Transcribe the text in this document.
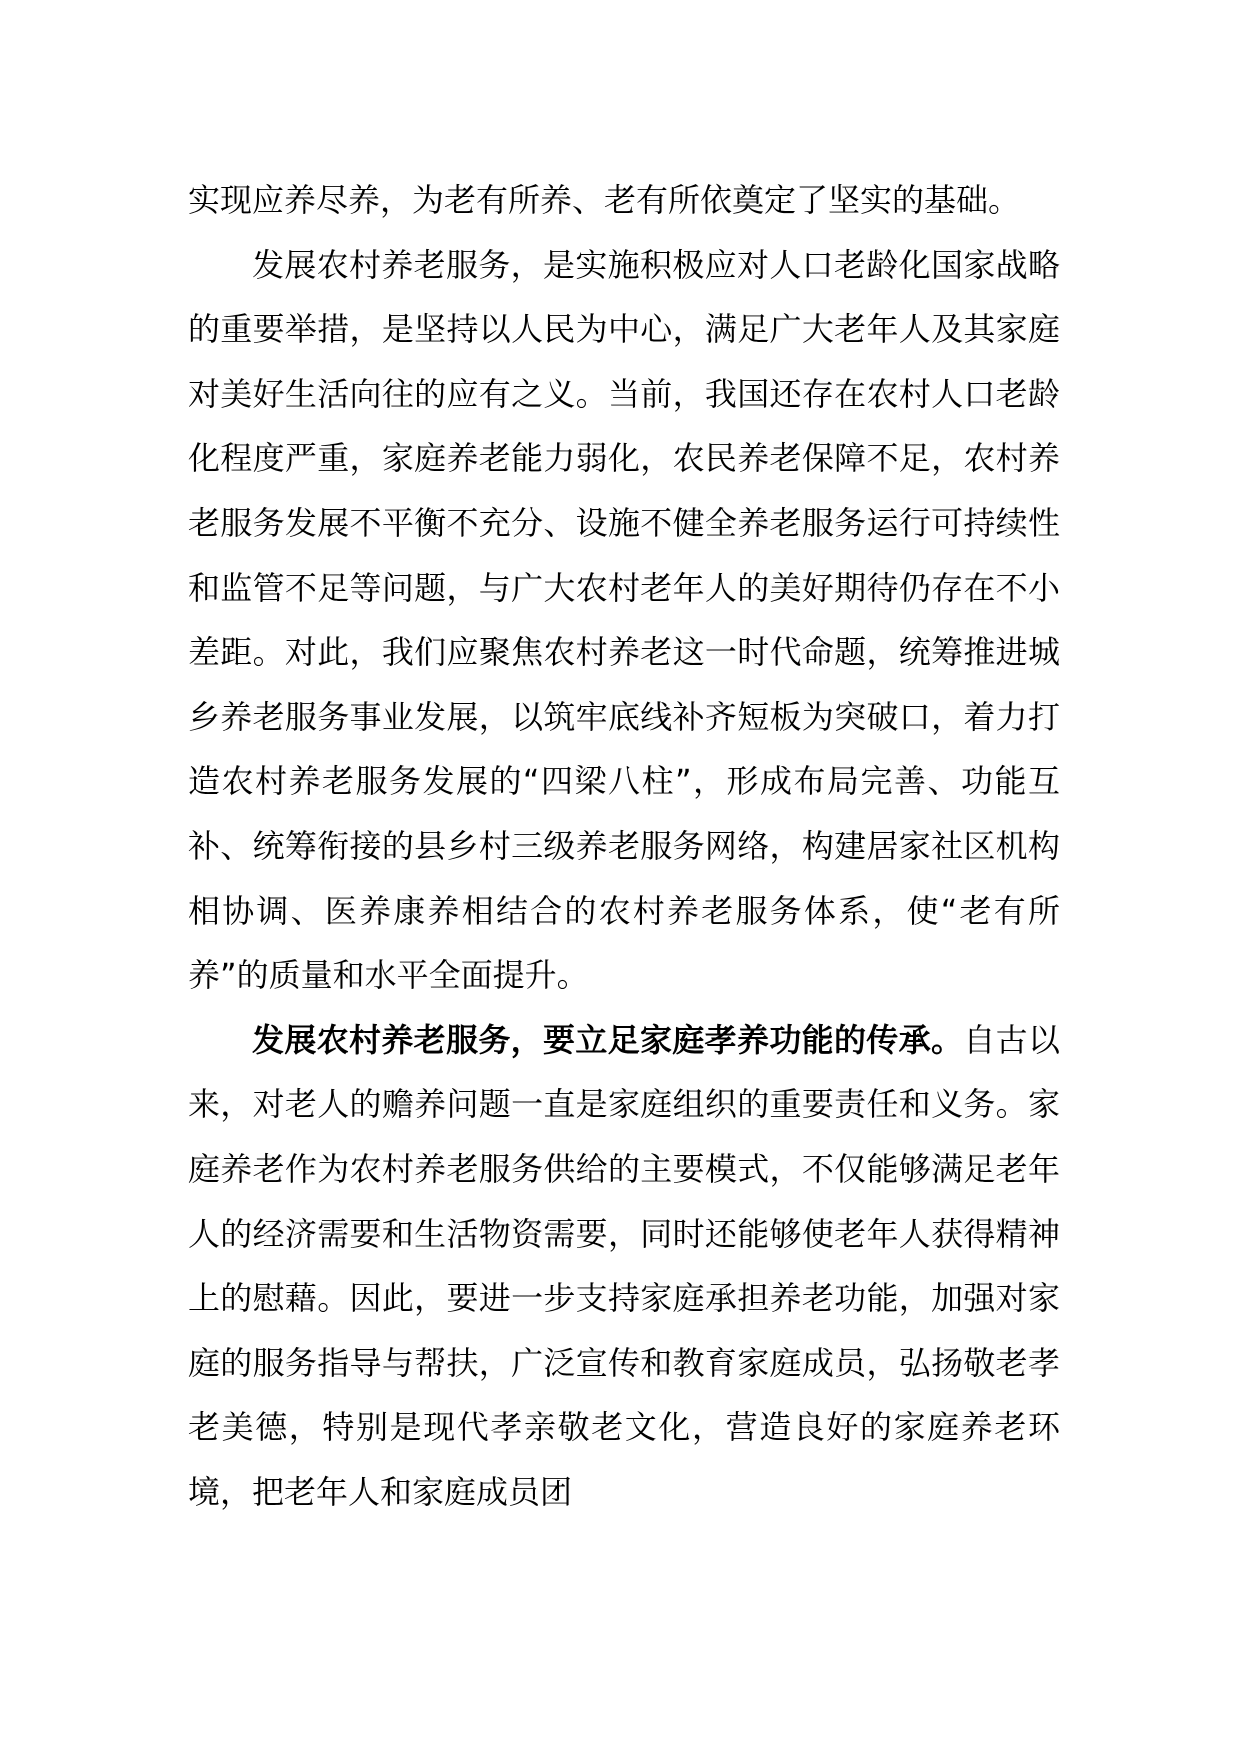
实现应养尽养，为老有所养、老有所依奠定了坚实的基础。

发展农村养老服务，是实施积极应对人口老龄化国家战略的重要举措，是坚持以人民为中心，满足广大老年人及其家庭对美好生活向往的应有之义。当前，我国还存在农村人口老龄化程度严重，家庭养老能力弱化，农民养老保障不足，农村养老服务发展不平衡不充分、设施不健全养老服务运行可持续性和监管不足等问题，与广大农村老年人的美好期待仍存在不小差距。对此，我们应聚焦农村养老这一时代命题，统筹推进城乡养老服务事业发展，以筑牢底线补齐短板为突破口，着力打造农村养老服务发展的“四梁八柱”，形成布局完善、功能互补、统筹衔接的县乡村三级养老服务网络，构建居家社区机构相协调、医养康养相结合的农村养老服务体系，使“老有所养”的质量和水平全面提升。

发展农村养老服务，要立足家庭孝养功能的传承。自古以来，对老人的赡养问题一直是家庭组织的重要责任和义务。家庭养老作为农村养老服务供给的主要模式，不仅能够满足老年人的经济需要和生活物资需要，同时还能够使老年人获得精神上的慰藉。因此，要进一步支持家庭承担养老功能，加强对家庭的服务指导与帮扶，广泛宣传和教育家庭成员，弘扬敬老孝老美德，特别是现代孝亲敬老文化，营造良好的家庭养老环境，把老年人和家庭成员团
